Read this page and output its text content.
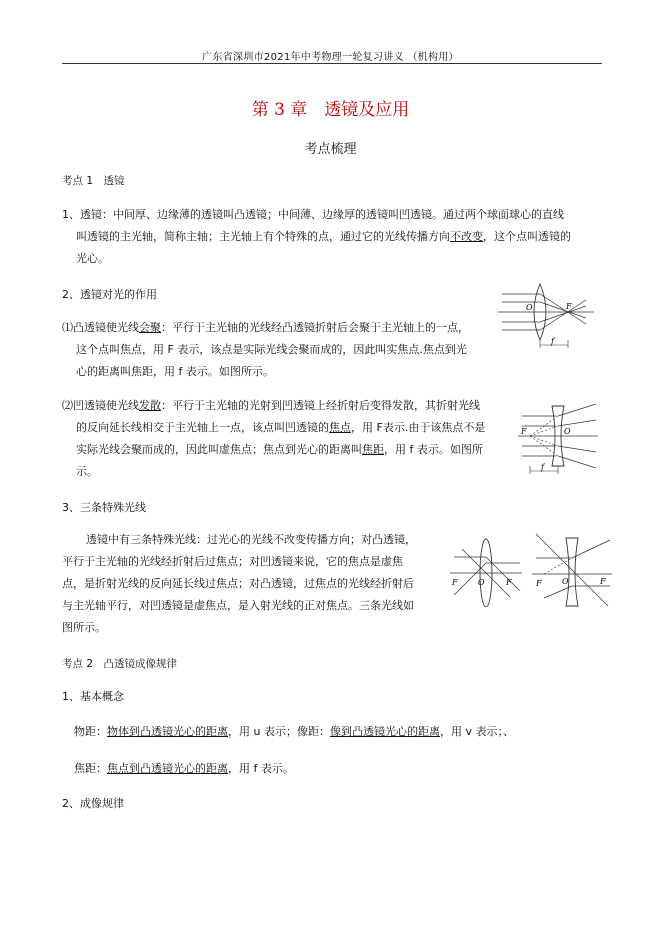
广东省深圳市2021年中考物理一轮复习讲义 （机构用）
第 3 章　透镜及应用
考点梳理
考点 1　透镜
1、透镜：中间厚、边缘薄的透镜叫凸透镜；中间薄、边缘厚的透镜叫凹透镜。通过两个球面球心的直线
叫透镜的主光轴，简称主轴；主光轴上有个特殊的点，通过它的光线传播方向不改变，这个点叫透镜的
光心。
2、透镜对光的作用
⑴凸透镜使光线会聚：平行于主光轴的光线经凸透镜折射后会聚于主光轴上的一点，
这个点叫焦点，用 F 表示，该点是实际光线会聚而成的，因此叫实焦点.焦点到光
心的距离叫焦距，用 f 表示。如图所示。
⑵凹透镜使光线发散：平行于主光轴的光射到凹透镜上经折射后变得发散，其折射光线
的反向延长线相交于主光轴上一点，该点叫凹透镜的焦点，用 F表示.由于该焦点不是
实际光线会聚而成的，因此叫虚焦点；焦点到光心的距离叫焦距，用 f 表示。如图所
示。
3、三条特殊光线
透镜中有三条特殊光线：过光心的光线不改变传播方向；对凸透镜，
平行于主光轴的光线经折射后过焦点；对凹透镜来说，它的焦点是虚焦
点，是折射光线的反向延长线过焦点；对凸透镜，过焦点的光线经折射后
与主光轴平行，对凹透镜是虚焦点，是入射光线的正对焦点。三条光线如
图所示。
考点 2　凸透镜成像规律
1、基本概念
物距：物体到凸透镜光心的距离，用 u 表示；像距：像到凸透镜光心的距离，用 v 表示；、
焦距：焦点到凸透镜光心的距离，用 f 表示。
2、成像规律
O	F
f
F	O
f
F	O	F	F	O	F
